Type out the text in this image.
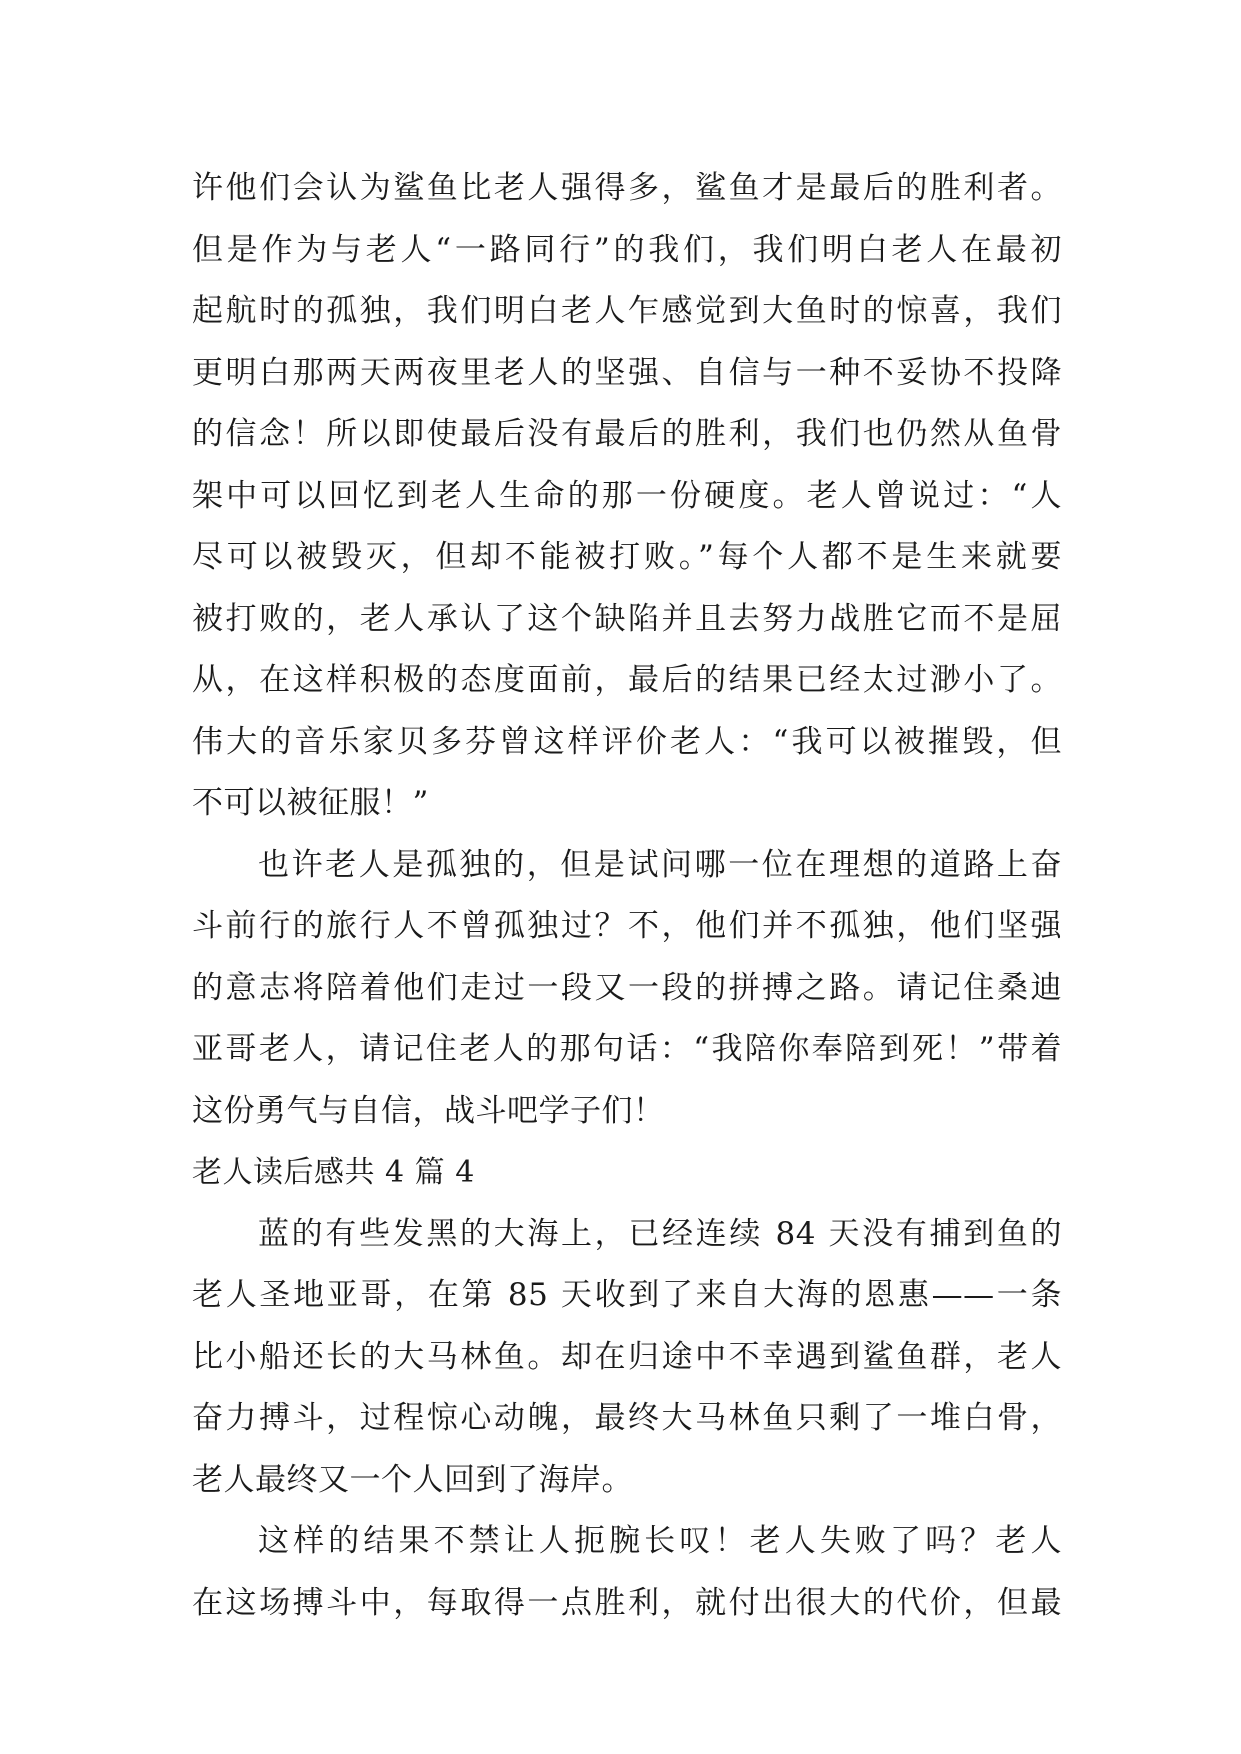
许他们会认为鲨鱼比老人强得多，鲨鱼才是最后的胜利者。
但是作为与老人“一路同行”的我们，我们明白老人在最初
起航时的孤独，我们明白老人乍感觉到大鱼时的惊喜，我们
更明白那两天两夜里老人的坚强、自信与一种不妥协不投降
的信念！所以即使最后没有最后的胜利，我们也仍然从鱼骨
架中可以回忆到老人生命的那一份硬度。老人曾说过：“人
尽可以被毁灭，但却不能被打败。”每个人都不是生来就要
被打败的，老人承认了这个缺陷并且去努力战胜它而不是屈
从，在这样积极的态度面前，最后的结果已经太过渺小了。
伟大的音乐家贝多芬曾这样评价老人：“我可以被摧毁，但
不可以被征服！”
也许老人是孤独的，但是试问哪一位在理想的道路上奋
斗前行的旅行人不曾孤独过？不，他们并不孤独，他们坚强
的意志将陪着他们走过一段又一段的拼搏之路。请记住桑迪
亚哥老人，请记住老人的那句话：“我陪你奉陪到死！”带着
这份勇气与自信，战斗吧学子们！
老人读后感共 4 篇 4
蓝的有些发黑的大海上，已经连续 84 天没有捕到鱼的
老人圣地亚哥，在第 85 天收到了来自大海的恩惠——一条
比小船还长的大马林鱼。却在归途中不幸遇到鲨鱼群，老人
奋力搏斗，过程惊心动魄，最终大马林鱼只剩了一堆白骨，
老人最终又一个人回到了海岸。
这样的结果不禁让人扼腕长叹！老人失败了吗？老人
在这场搏斗中，每取得一点胜利，就付出很大的代价，但最
